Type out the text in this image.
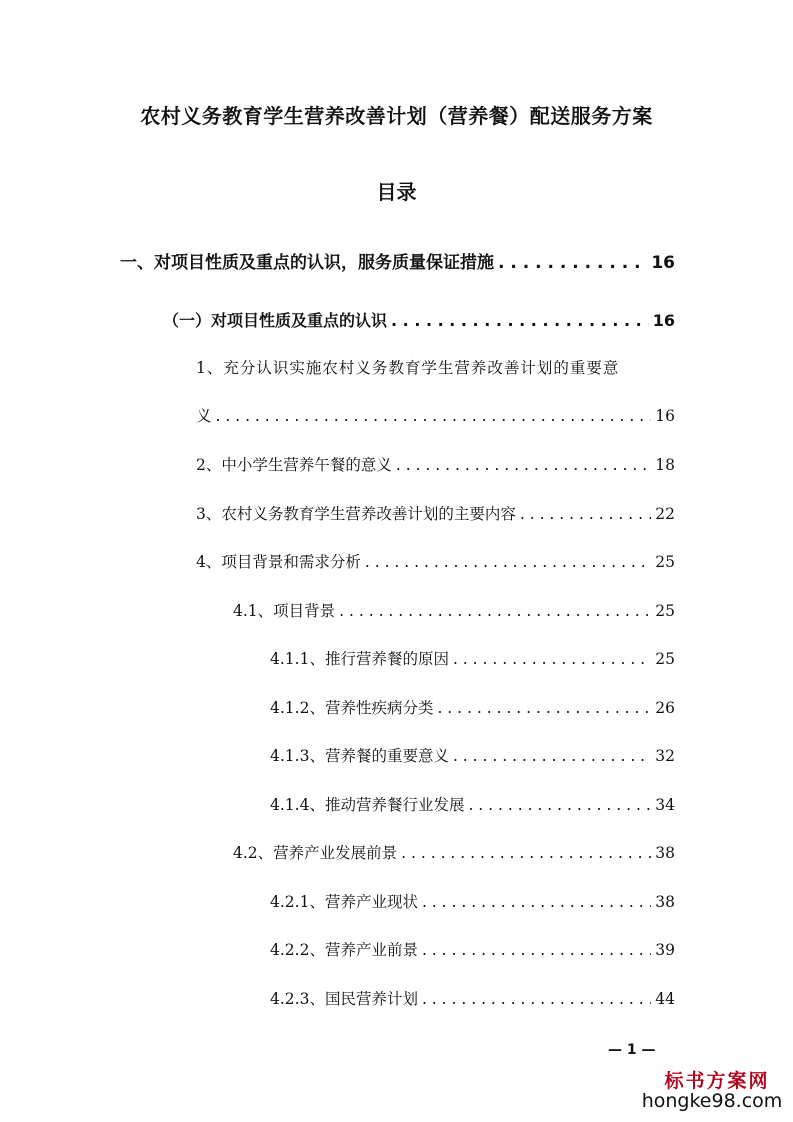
农村义务教育学生营养改善计划（营养餐）配送服务方案
目录
一、对项目性质及重点的认识，服务质量保证措施 . . .	16
（一）对项目性质及重点的认识 . . .	16
1、充分认识实施农村义务教育学生营养改善计划的重要意
义 . . .	16
2、中小学生营养午餐的意义 . . .	18
3、农村义务教育学生营养改善计划的主要内容 . . .	22
4、项目背景和需求分析 . . .	25
4.1、项目背景 . . .	25
4.1.1、推行营养餐的原因 . . .	25
4.1.2、营养性疾病分类 . . .	26
4.1.3、营养餐的重要意义 . . .	32
4.1.4、推动营养餐行业发展 . . .	34
4.2、营养产业发展前景 . . .	38
4.2.1、营养产业现状 . . .	38
4.2.2、营养产业前景 . . .	39
4.2.3、国民营养计划 . . .	44
— 1 —
标书方案网
hongke98.com
